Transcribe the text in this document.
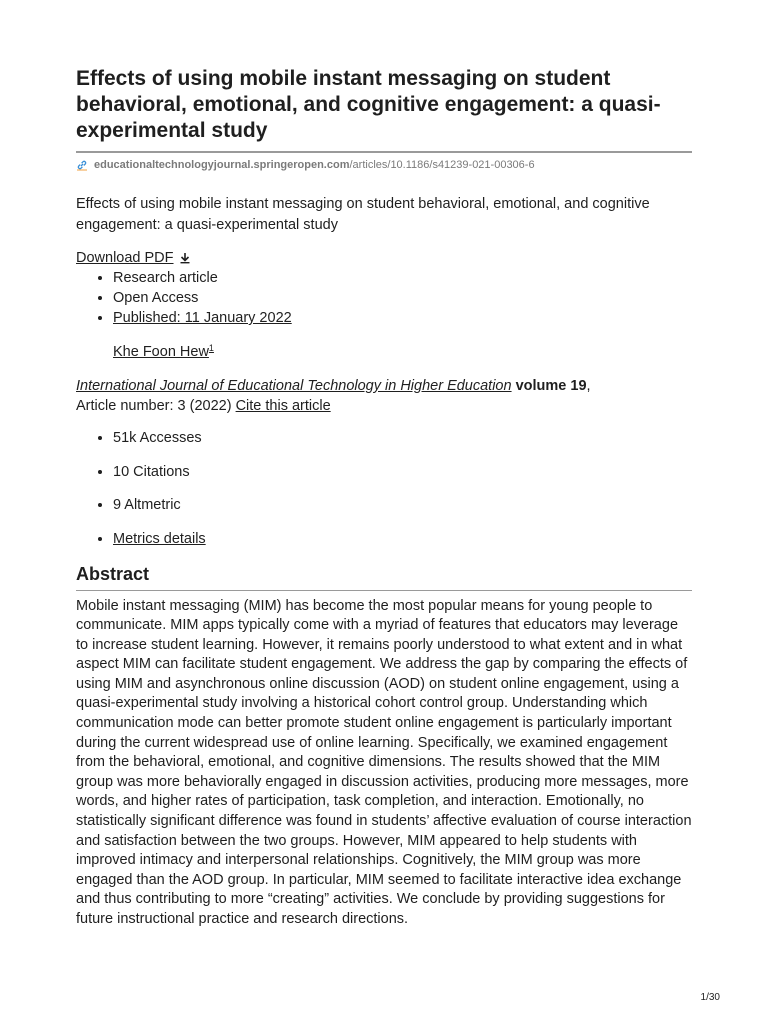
Effects of using mobile instant messaging on student behavioral, emotional, and cognitive engagement: a quasi-experimental study
educationaltechnologyjournal.springeropen.com /articles/10.1186/s41239-021-00306-6
Effects of using mobile instant messaging on student behavioral, emotional, and cognitive engagement: a quasi-experimental study
Download PDF
• Research article
• Open Access
• Published: 11 January 2022
Khe Foon Hew$^1$
International Journal of Educational Technology in Higher Education volume 19,
Article number: 3 (2022) Cite this article
• 51k Accesses
• 10 Citations
• 9 Altmetric
• Metrics details
Abstract
Mobile instant messaging (MIM) has become the most popular means for young people to communicate. MIM apps typically come with a myriad of features that educators may leverage to increase student learning. However, it remains poorly understood to what extent and in what aspect MIM can facilitate student engagement. We address the gap by comparing the effects of using MIM and asynchronous online discussion (AOD) on student online engagement, using a quasi-experimental study involving a historical cohort control group. Understanding which communication mode can better promote student online engagement is particularly important during the current widespread use of online learning. Specifically, we examined engagement from the behavioral, emotional, and cognitive dimensions. The results showed that the MIM group was more behaviorally engaged in discussion activities, producing more messages, more words, and higher rates of participation, task completion, and interaction. Emotionally, no statistically significant difference was found in students’ affective evaluation of course interaction and satisfaction between the two groups. However, MIM appeared to help students with improved intimacy and interpersonal relationships. Cognitively, the MIM group was more engaged than the AOD group. In particular, MIM seemed to facilitate interactive idea exchange and thus contributing to more “creating” activities. We conclude by providing suggestions for future instructional practice and research directions.
1/30
